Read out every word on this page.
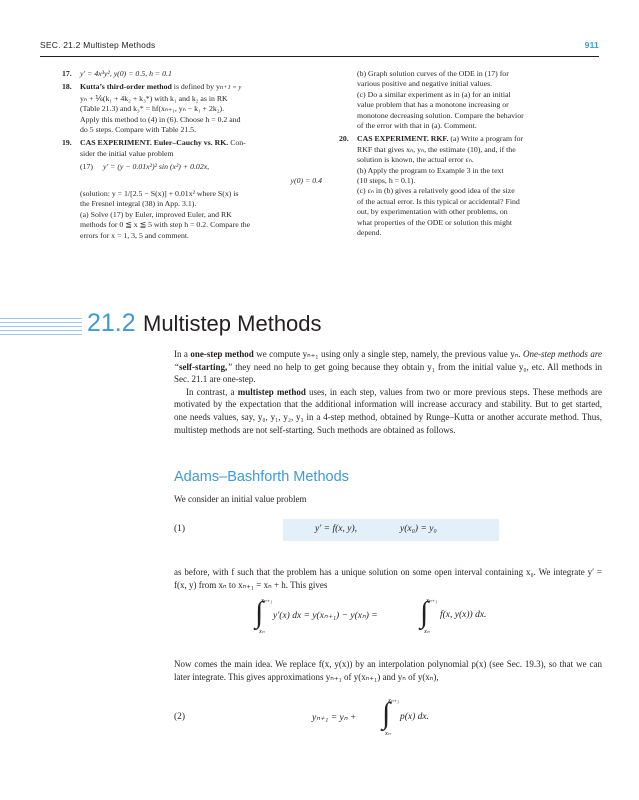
SEC. 21.2 Multistep Methods	911
17. y′ = 4x³y², y(0) = 0.5, h = 0.1
18. Kutta’s third-order method is defined by yn+1 = y
yₙ + ⅙(k₁ + 4k₂ + k₃*) with k₁ and k₂ as in RK
(Table 21.3) and k₃* = hf(xₙ₊₁, yₙ − k₁ + 2k₂).
Apply this method to (4) in (6). Choose h = 0.2 and
do 5 steps. Compare with Table 21.5.
19. CAS EXPERIMENT. Euler–Cauchy vs. RK. Con-
sider the initial value problem
(17) y′ = (y − 0.01x²)² sin (x²) + 0.02x,
y(0) = 0.4
(solution: y = 1/[2.5 − S(x)] + 0.01x² where S(x) is
the Fresnel integral (38) in App. 3.1).
(a) Solve (17) by Euler, improved Euler, and RK
methods for 0 ≦ x ≦ 5 with step h = 0.2. Compare the
errors for x = 1, 3, 5 and comment.
(b) Graph solution curves of the ODE in (17) for
various positive and negative initial values.
(c) Do a similar experiment as in (a) for an initial
value problem that has a monotone increasing or
monotone decreasing solution. Compare the behavior
of the error with that in (a). Comment.
20. CAS EXPERIMENT. RKF. (a) Write a program for
RKF that gives xₙ, yₙ, the estimate (10), and, if the
solution is known, the actual error εₙ.
(b) Apply the program to Example 3 in the text
(10 steps, h = 0.1).
(c) εₙ in (b) gives a relatively good idea of the size
of the actual error. Is this typical or accidental? Find
out, by experimentation with other problems, on
what properties of the ODE or solution this might
depend.
21.2 Multistep Methods

In a one-step method we compute yₙ₊₁ using only a single step, namely, the previous value yₙ. One-step methods are “self-starting,” they need no help to get going because they obtain y₁ from the initial value y₀, etc. All methods in Sec. 21.1 are one-step.

In contrast, a multistep method uses, in each step, values from two or more previous steps. These methods are motivated by the expectation that the additional information will increase accuracy and stability. But to get started, one needs values, say, y₀, y₁, y₂, y₃ in a 4-step method, obtained by Runge–Kutta or another accurate method. Thus, multistep methods are not self-starting. Such methods are obtained as follows.

Adams–Bashforth Methods

We consider an initial value problem

(1)	y′ = f(x, y),	y(x₀) = y₀

as before, with f such that the problem has a unique solution on some open interval containing x₀. We integrate y′ = f(x, y) from xₙ to xₙ₊₁ = xₙ + h. This gives

xₙ₊₁
∫
xₙ
y′(x) dx = y(xₙ₊₁) − y(xₙ) =
xₙ₊₁
∫
xₙ
f(x, y(x)) dx.

Now comes the main idea. We replace f(x, y(x)) by an interpolation polynomial p(x) (see Sec. 19.3), so that we can later integrate. This gives approximations yₙ₊₁ of y(xₙ₊₁) and yₙ of y(xₙ),

(2)	yₙ₊₁ = yₙ +
xₙ₊₁
∫
xₙ
p(x) dx.
